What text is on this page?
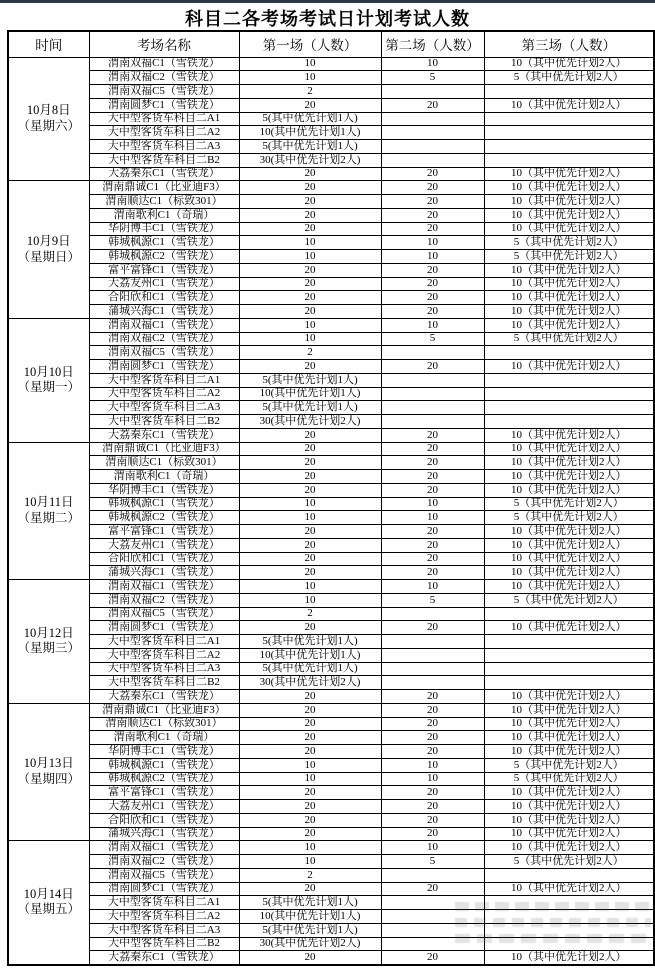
科目二各考场考试日计划考试人数
时间	考场名称	第一场（人数）	第二场（人数）	第三场（人数）

10月8日
（星期六）	渭南双福C1（雪铁龙）	10	10	10（其中优先计划2人）
	渭南双福C2（雪铁龙）	10	5	5（其中优先计划2人）
	渭南双福C5（雪铁龙）	2		
	渭南圆梦C1（雪铁龙）	20	20	10（其中优先计划2人）
	大中型客货车科目二A1	5(其中优先计划1人)		
	大中型客货车科目二A2	10(其中优先计划1人)		
	大中型客货车科目二A3	5(其中优先计划1人)		
	大中型客货车科目二B2	30(其中优先计划2人)		
	大荔秦东C1（雪铁龙）	20	20	10（其中优先计划2人）

10月9日
（星期日）	渭南鼎诚C1（比亚迪F3）	20	20	10（其中优先计划2人）
	渭南顺达C1（标致301）	20	20	10（其中优先计划2人）
	渭南歌利C1（奇瑞）	20	20	10（其中优先计划2人）
	华阴博丰C1（雪铁龙）	20	20	10（其中优先计划2人）
	韩城枫源C1（雪铁龙）	10	10	5（其中优先计划2人）
	韩城枫源C2（雪铁龙）	10	10	5（其中优先计划2人）
	富平富锋C1（雪铁龙）	20	20	10（其中优先计划2人）
	大荔友州C1（雪铁龙）	20	20	10（其中优先计划2人）
	合阳欣和C1（雪铁龙）	20	20	10（其中优先计划2人）
	蒲城兴海C1（雪铁龙）	20	20	10（其中优先计划2人）

10月10日
（星期一）	渭南双福C1（雪铁龙）	10	10	10（其中优先计划2人）
	渭南双福C2（雪铁龙）	10	5	5（其中优先计划2人）
	渭南双福C5（雪铁龙）	2		
	渭南圆梦C1（雪铁龙）	20	20	10（其中优先计划2人）
	大中型客货车科目二A1	5(其中优先计划1人)		
	大中型客货车科目二A2	10(其中优先计划1人)		
	大中型客货车科目二A3	5(其中优先计划1人)		
	大中型客货车科目二B2	30(其中优先计划2人)		
	大荔秦东C1（雪铁龙）	20	20	10（其中优先计划2人）

10月11日
（星期二）	渭南鼎诚C1（比亚迪F3）	20	20	10（其中优先计划2人）
	渭南顺达C1（标致301）	20	20	10（其中优先计划2人）
	渭南歌利C1（奇瑞）	20	20	10（其中优先计划2人）
	华阴博丰C1（雪铁龙）	20	20	10（其中优先计划2人）
	韩城枫源C1（雪铁龙）	10	10	5（其中优先计划2人）
	韩城枫源C2（雪铁龙）	10	10	5（其中优先计划2人）
	富平富锋C1（雪铁龙）	20	20	10（其中优先计划2人）
	大荔友州C1（雪铁龙）	20	20	10（其中优先计划2人）
	合阳欣和C1（雪铁龙）	20	20	10（其中优先计划2人）
	蒲城兴海C1（雪铁龙）	20	20	10（其中优先计划2人）

10月12日
（星期三）	渭南双福C1（雪铁龙）	10	10	10（其中优先计划2人）
	渭南双福C2（雪铁龙）	10	5	5（其中优先计划2人）
	渭南双福C5（雪铁龙）	2		
	渭南圆梦C1（雪铁龙）	20	20	10（其中优先计划2人）
	大中型客货车科目二A1	5(其中优先计划1人)		
	大中型客货车科目二A2	10(其中优先计划1人)		
	大中型客货车科目二A3	5(其中优先计划1人)		
	大中型客货车科目二B2	30(其中优先计划2人)		
	大荔秦东C1（雪铁龙）	20	20	10（其中优先计划2人）

10月13日
（星期四）	渭南鼎诚C1（比亚迪F3）	20	20	10（其中优先计划2人）
	渭南顺达C1（标致301）	20	20	10（其中优先计划2人）
	渭南歌利C1（奇瑞）	20	20	10（其中优先计划2人）
	华阴博丰C1（雪铁龙）	20	20	10（其中优先计划2人）
	韩城枫源C1（雪铁龙）	10	10	5（其中优先计划2人）
	韩城枫源C2（雪铁龙）	10	10	5（其中优先计划2人）
	富平富锋C1（雪铁龙）	20	20	10（其中优先计划2人）
	大荔友州C1（雪铁龙）	20	20	10（其中优先计划2人）
	合阳欣和C1（雪铁龙）	20	20	10（其中优先计划2人）
	蒲城兴海C1（雪铁龙）	20	20	10（其中优先计划2人）

10月14日
（星期五）	渭南双福C1（雪铁龙）	10	10	10（其中优先计划2人）
	渭南双福C2（雪铁龙）	10	5	5（其中优先计划2人）
	渭南双福C5（雪铁龙）	2		
	渭南圆梦C1（雪铁龙）	20	20	10（其中优先计划2人）
	大中型客货车科目二A1	5(其中优先计划1人)		
	大中型客货车科目二A2	10(其中优先计划1人)		
	大中型客货车科目二A3	5(其中优先计划1人)		
	大中型客货车科目二B2	30(其中优先计划2人)		
	大荔秦东C1（雪铁龙）	20	20	10（其中优先计划2人）
